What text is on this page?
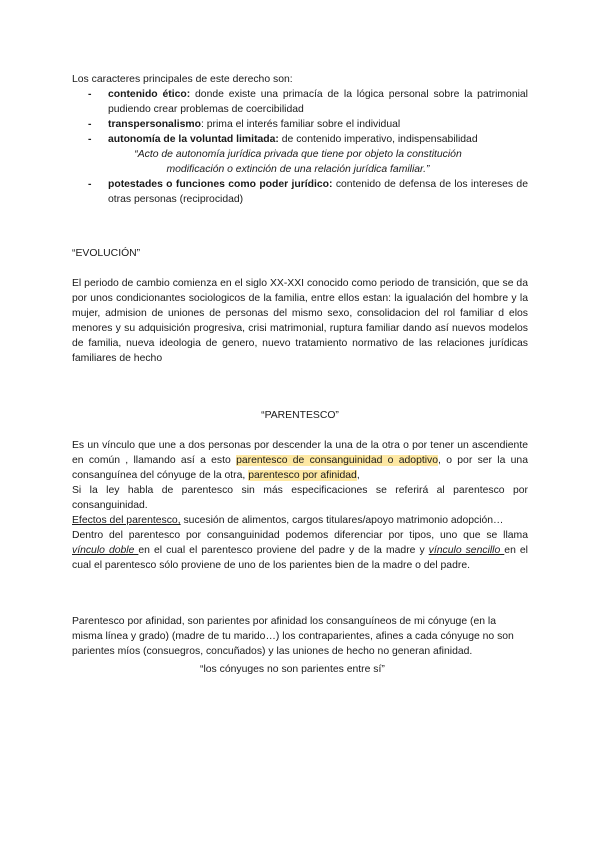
Los caracteres principales de este derecho son:

- contenido ético: donde existe una primacía de la lógica personal sobre la patrimonial pudiendo crear problemas de coercibilidad
- transpersonalismo: prima el interés familiar sobre el individual
- autonomía de la voluntad limitada: de contenido imperativo, indispensabilidad

“Acto de autonomía jurídica privada que tiene por objeto la constitución modificación o extinción de una relación jurídica familiar.”

- potestades o funciones como poder jurídico: contenido de defensa de los intereses de otras personas (reciprocidad)

“EVOLUCIÓN”

El periodo de cambio comienza en el siglo XX-XXI conocido como periodo de transición, que se da por unos condicionantes sociologicos de la familia, entre ellos estan: la igualación del hombre y la mujer, admision de uniones de personas del mismo sexo, consolidacion del rol familiar d elos menores y su adquisición progresiva, crisi matrimonial, ruptura familiar dando así nuevos modelos de familia, nueva ideologia de genero, nuevo tratamiento normativo de las relaciones jurídicas familiares de hecho

“PARENTESCO”

Es un vínculo que une a dos personas por descender la una de la otra o por tener un ascendiente en común , llamando así a esto parentesco de consanguinidad o adoptivo, o por ser la una consanguínea del cónyuge de la otra, parentesco por afinidad,

Si la ley habla de parentesco sin más especificaciones se referirá al parentesco por consanguinidad.

Efectos del parentesco, sucesión de alimentos, cargos titulares/apoyo matrimonio adopción…

Dentro del parentesco por consanguinidad podemos diferenciar por tipos, uno que se llama vínculo doble en el cual el parentesco proviene del padre y de la madre y vínculo sencillo en el cual el parentesco sólo proviene de uno de los parientes bien de la madre o del padre.

Parentesco por afinidad, son parientes por afinidad los consanguíneos de mi cónyuge (en la misma línea y grado) (madre de tu marido…) los contraparientes, afines a cada cónyuge no son parientes míos (consuegros, concuñados) y las uniones de hecho no generan afinidad.

“los cónyuges no son parientes entre sí”
